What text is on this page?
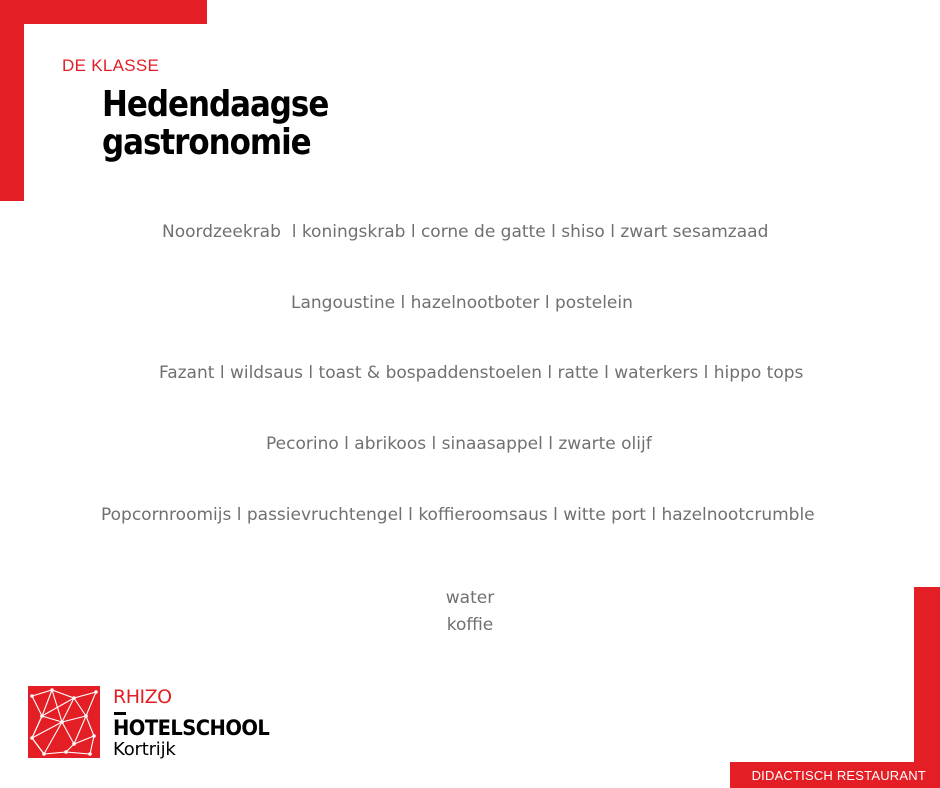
DIDACTISCH RESTAURANT
DE KLASSE
Hedendaagse
gastronomie
Noordzeekrab  l koningskrab l corne de gatte l shiso l zwart sesamzaad
Langoustine l hazelnootboter l postelein
Fazant l wildsaus l toast & bospaddenstoelen l ratte l waterkers l hippo tops
Pecorino l abrikoos l sinaasappel l zwarte olijf
Popcornroomijs l passievruchtengel l koffieroomsaus l witte port l hazelnootcrumble
water
koffie
RHIZO
HOTELSCHOOL
Kortrijk
